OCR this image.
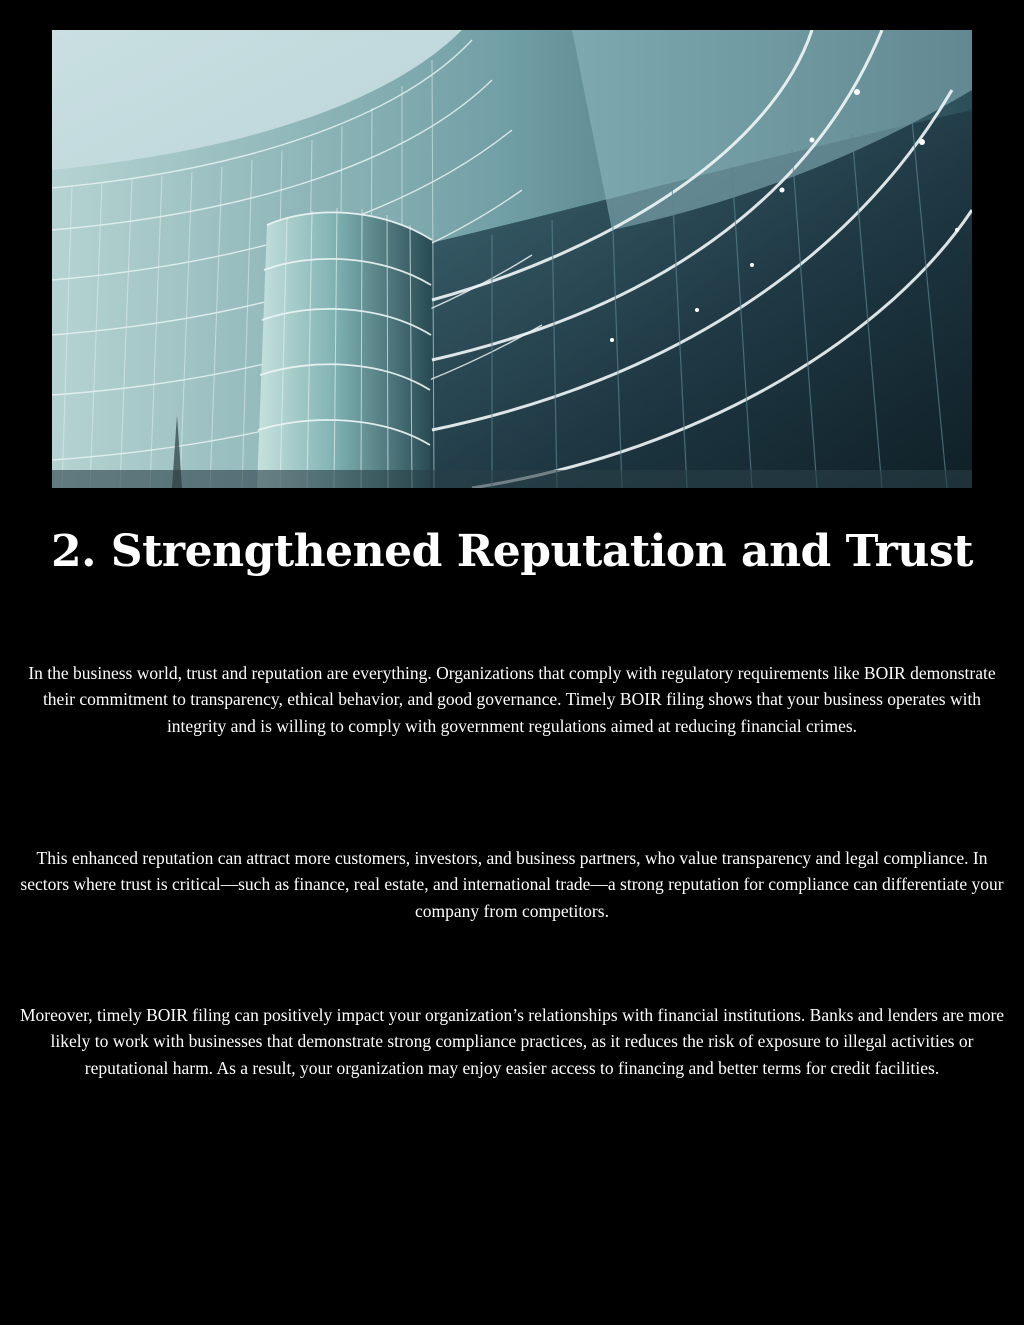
2. Strengthened Reputation and Trust

In the business world, trust and reputation are everything. Organizations that comply with regulatory requirements like BOIR demonstrate their commitment to transparency, ethical behavior, and good governance. Timely BOIR filing shows that your business operates with integrity and is willing to comply with government regulations aimed at reducing financial crimes.

This enhanced reputation can attract more customers, investors, and business partners, who value transparency and legal compliance. In sectors where trust is critical—such as finance, real estate, and international trade—a strong reputation for compliance can differentiate your company from competitors.

Moreover, timely BOIR filing can positively impact your organization’s relationships with financial institutions. Banks and lenders are more likely to work with businesses that demonstrate strong compliance practices, as it reduces the risk of exposure to illegal activities or reputational harm. As a result, your organization may enjoy easier access to financing and better terms for credit facilities.
